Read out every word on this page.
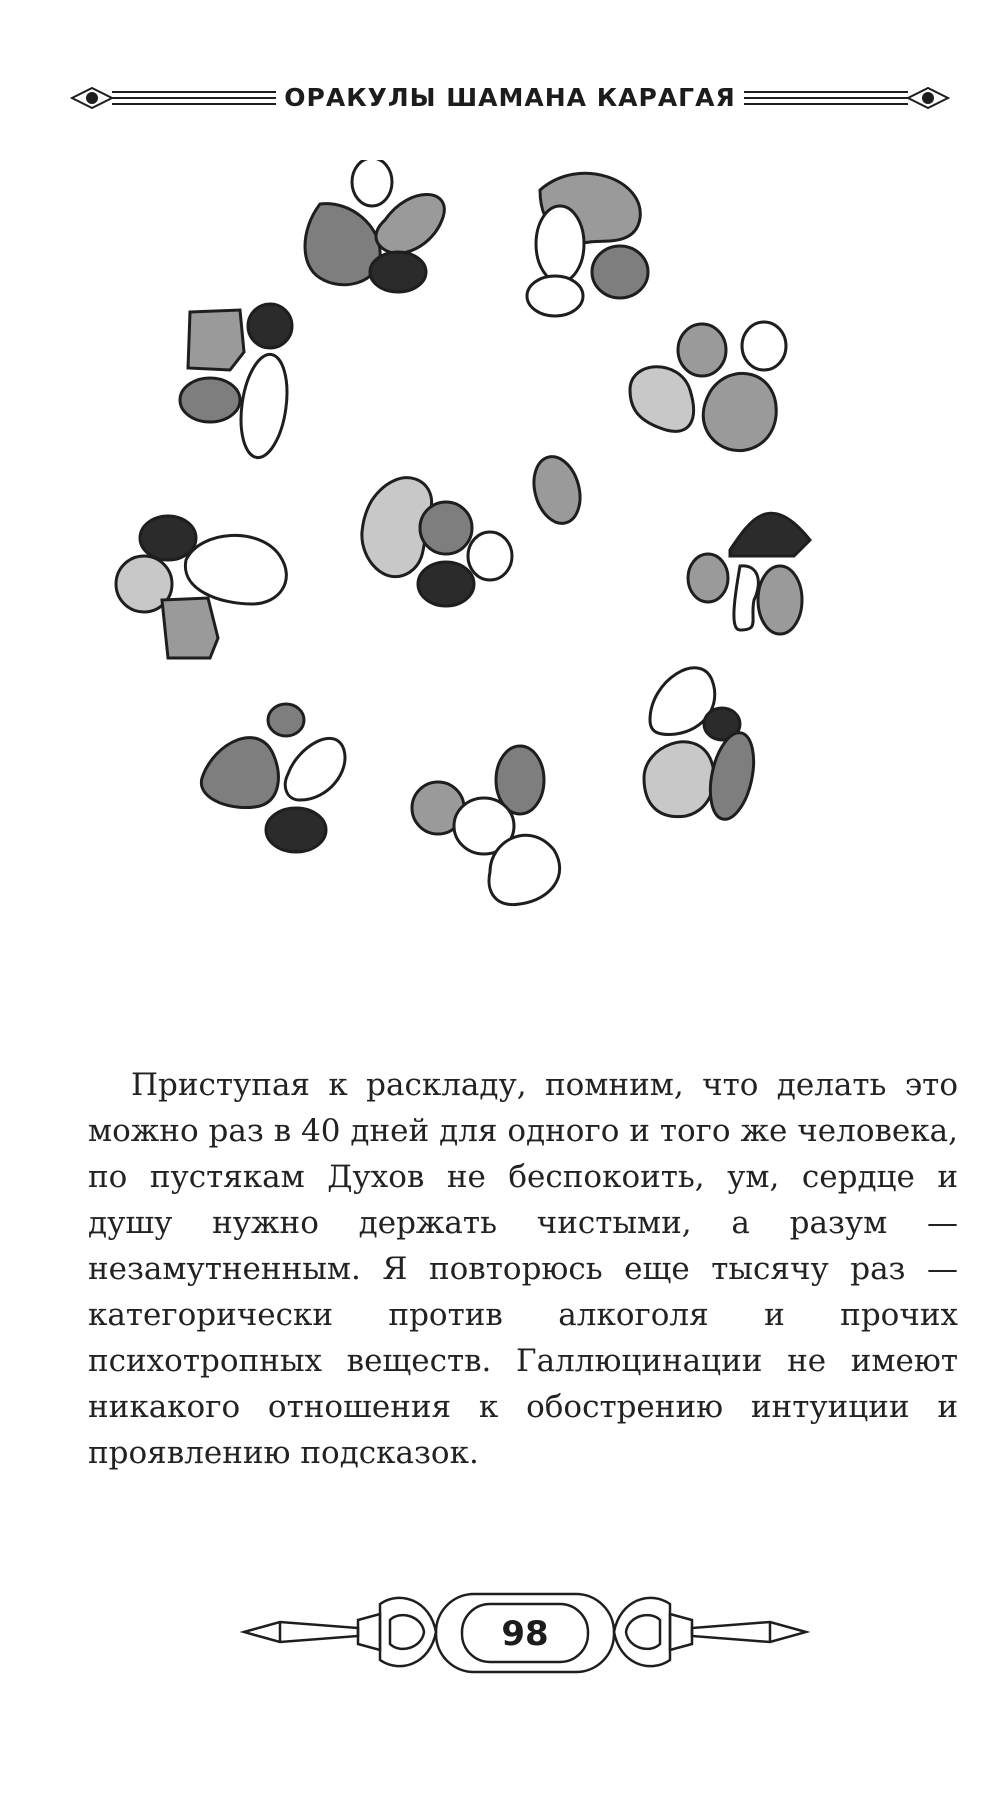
ОРАКУЛЫ ШАМАНА КАРАГАЯ

Приступая к раскладу, помним, что делать это можно раз в 40 дней для одного и того же человека, по пустякам Духов не беспокоить, ум, сердце и душу нужно держать чистыми, а разум — незамутненным. Я повторюсь еще тысячу раз — категорически против алкоголя и прочих психотропных веществ. Галлюцинации не имеют никакого отношения к обострению интуиции и проявлению подсказок.

98
